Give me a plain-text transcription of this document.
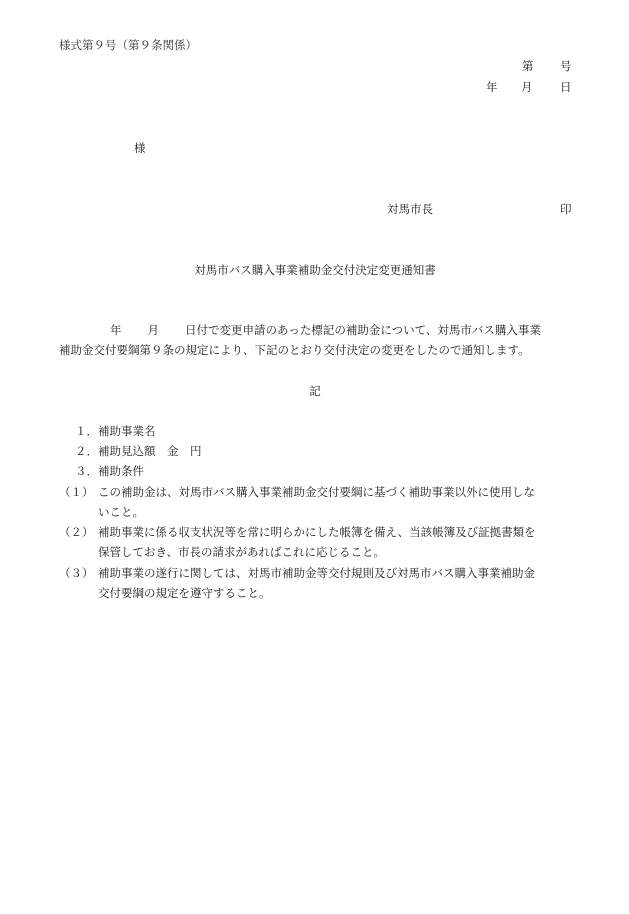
様式第９号（第９条関係）
第 号
年 月 日
様
対馬市長	印
対馬市バス購入事業補助金交付決定変更通知書
年 月 日付で変更申請のあった標記の補助金について、対馬市バス購入事業
補助金交付要綱第９条の規定により、下記のとおり交付決定の変更をしたので通知します。
記
１．補助事業名
２．補助見込額　金　円
３．補助条件
（１） この補助金は、対馬市バス購入事業補助金交付要綱に基づく補助事業以外に使用しな
いこと。
（２） 補助事業に係る収支状況等を常に明らかにした帳簿を備え、当該帳簿及び証拠書類を
保管しておき、市長の請求があればこれに応じること。
（３） 補助事業の遂行に関しては、対馬市補助金等交付規則及び対馬市バス購入事業補助金
交付要綱の規定を遵守すること。
